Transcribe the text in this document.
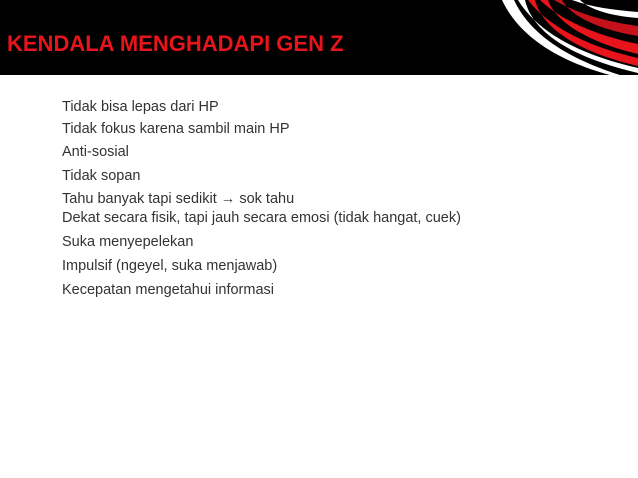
KENDALA MENGHADAPI GEN Z
Tidak bisa lepas dari HP
Tidak fokus karena sambil main HP
Anti-sosial
Tidak sopan
Tahu banyak tapi sedikit → sok tahu
Dekat secara fisik, tapi jauh secara emosi (tidak hangat, cuek)
Suka menyepelekan
Impulsif (ngeyel, suka menjawab)
Kecepatan mengetahui informasi
